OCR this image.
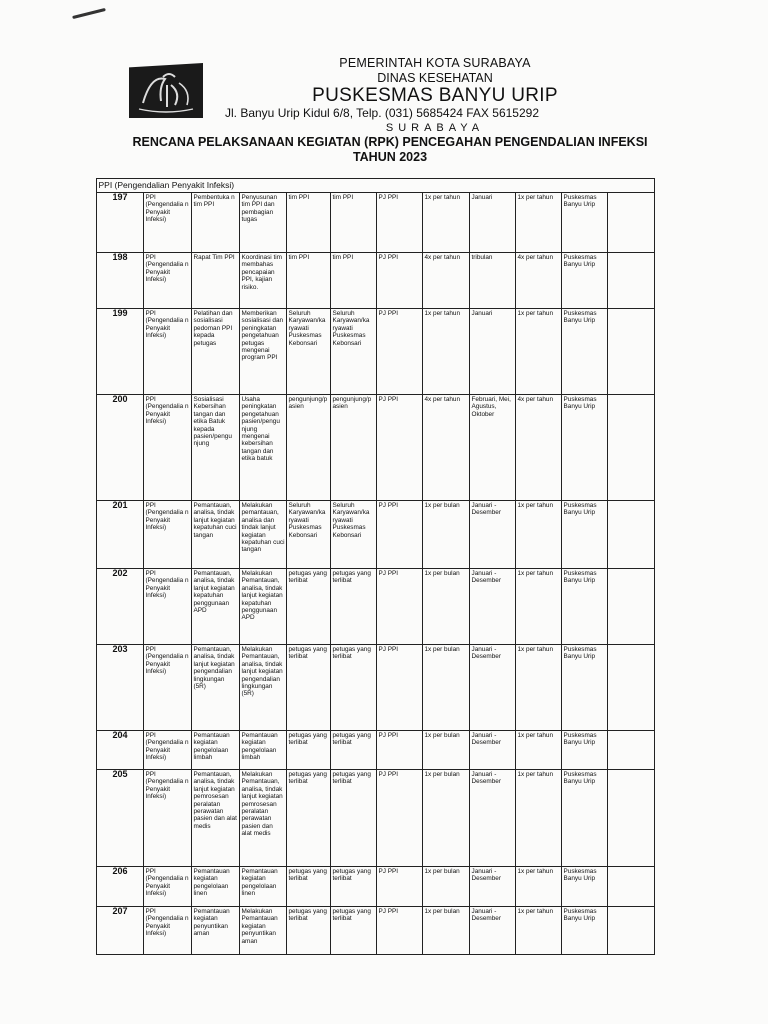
PEMERINTAH KOTA SURABAYA
DINAS KESEHATAN
PUSKESMAS BANYU URIP
Jl. Banyu Urip Kidul 6/8, Telp. (031) 5685424 FAX 5615292
SURABAYA
RENCANA PELAKSANAAN KEGIATAN (RPK) PENCEGAHAN PENGENDALIAN INFEKSI
TAHUN 2023
PPI (Pengendalian Penyakit Infeksi)											
197	PPI (Pengendalia n Penyakit Infeksi)	Pembentuka n tim PPI	Penyusunan tim PPI dan pembagian tugas	tim PPI	tim PPI	PJ PPI	1x per tahun	Januari	1x per tahun	Puskesmas Banyu Urip	
198	PPI (Pengendalia n Penyakit Infeksi)	Rapat Tim PPI	Koordinasi tim membahas pencapaian PPI, kajian risiko.	tim PPI	tim PPI	PJ PPI	4x per tahun	tribulan	4x per tahun	Puskesmas Banyu Urip	
199	PPI (Pengendalia n Penyakit Infeksi)	Pelatihan dan sosialisasi pedoman PPI kepada petugas	Memberikan sosialisasi dan peningkatan pengetahuan petugas mengenai program PPI	Seluruh Karyawan/ka ryawati Puskesmas Kebonsari	Seluruh Karyawan/ka ryawati Puskesmas Kebonsari	PJ PPI	1x per tahun	Januari	1x per tahun	Puskesmas Banyu Urip	
200	PPI (Pengendalia n Penyakit Infeksi)	Sosialisasi Kebersihan tangan dan etika Batuk kepada pasien/pengu njung	Usaha peningkatan pengetahuan pasien/pengu njung mengenai kebersihan tangan dan etika batuk	pengunjung/p asien	pengunjung/p asien	PJ PPI	4x per tahun	Februari, Mei, Agustus, Oktober	4x per tahun	Puskesmas Banyu Urip	
201	PPI (Pengendalia n Penyakit Infeksi)	Pemantauan, analisa, tindak lanjut kegiatan kepatuhan cuci tangan	Melakukan pemantauan, analisa dan tindak lanjut kegiatan kepatuhan cuci tangan	Seluruh Karyawan/ka ryawati Puskesmas Kebonsari	Seluruh Karyawan/ka ryawati Puskesmas Kebonsari	PJ PPI	1x per bulan	Januari - Desember	1x per tahun	Puskesmas Banyu Urip	
202	PPI (Pengendalia n Penyakit Infeksi)	Pemantauan, analisa, tindak lanjut kegiatan kepatuhan penggunaan APD	Melakukan Pemantauan, analisa, tindak lanjut kegiatan kepatuhan penggunaan APD	petugas yang terlibat	petugas yang terlibat	PJ PPI	1x per bulan	Januari - Desember	1x per tahun	Puskesmas Banyu Urip	
203	PPI (Pengendalia n Penyakit Infeksi)	Pemantauan, analisa, tindak lanjut kegiatan pengendalian lingkungan (5R)	Melakukan Pemantauan, analisa, tindak lanjut kegiatan pengendalian lingkungan (5R)	petugas yang terlibat	petugas yang terlibat	PJ PPI	1x per bulan	Januari - Desember	1x per tahun	Puskesmas Banyu Urip	
204	PPI (Pengendalia n Penyakit Infeksi)	Pemantauan kegiatan pengelolaan limbah	Pemantauan kegiatan pengelolaan limbah	petugas yang terlibat	petugas yang terlibat	PJ PPI	1x per bulan	Januari - Desember	1x per tahun	Puskesmas Banyu Urip	
205	PPI (Pengendalia n Penyakit Infeksi)	Pemantauan, analisa, tindak lanjut kegiatan pemrosesan peralatan perawatan pasien dan alat medis	Melakukan Pemantauan, analisa, tindak lanjut kegiatan pemrosesan peralatan perawatan pasien dan alat medis	petugas yang terlibat	petugas yang terlibat	PJ PPI	1x per bulan	Januari - Desember	1x per tahun	Puskesmas Banyu Urip	
206	PPI (Pengendalia n Penyakit Infeksi)	Pemantauan kegiatan pengelolaan linen	Pemantauan kegiatan pengelolaan linen	petugas yang terlibat	petugas yang terlibat	PJ PPI	1x per bulan	Januari - Desember	1x per tahun	Puskesmas Banyu Urip	
207	PPI (Pengendalia n Penyakit Infeksi)	Pemantauan kegiatan penyuntikan aman	Melakukan Pemantauan kegiatan penyuntikan aman	petugas yang terlibat	petugas yang terlibat	PJ PPI	1x per bulan	Januari - Desember	1x per tahun	Puskesmas Banyu Urip	
